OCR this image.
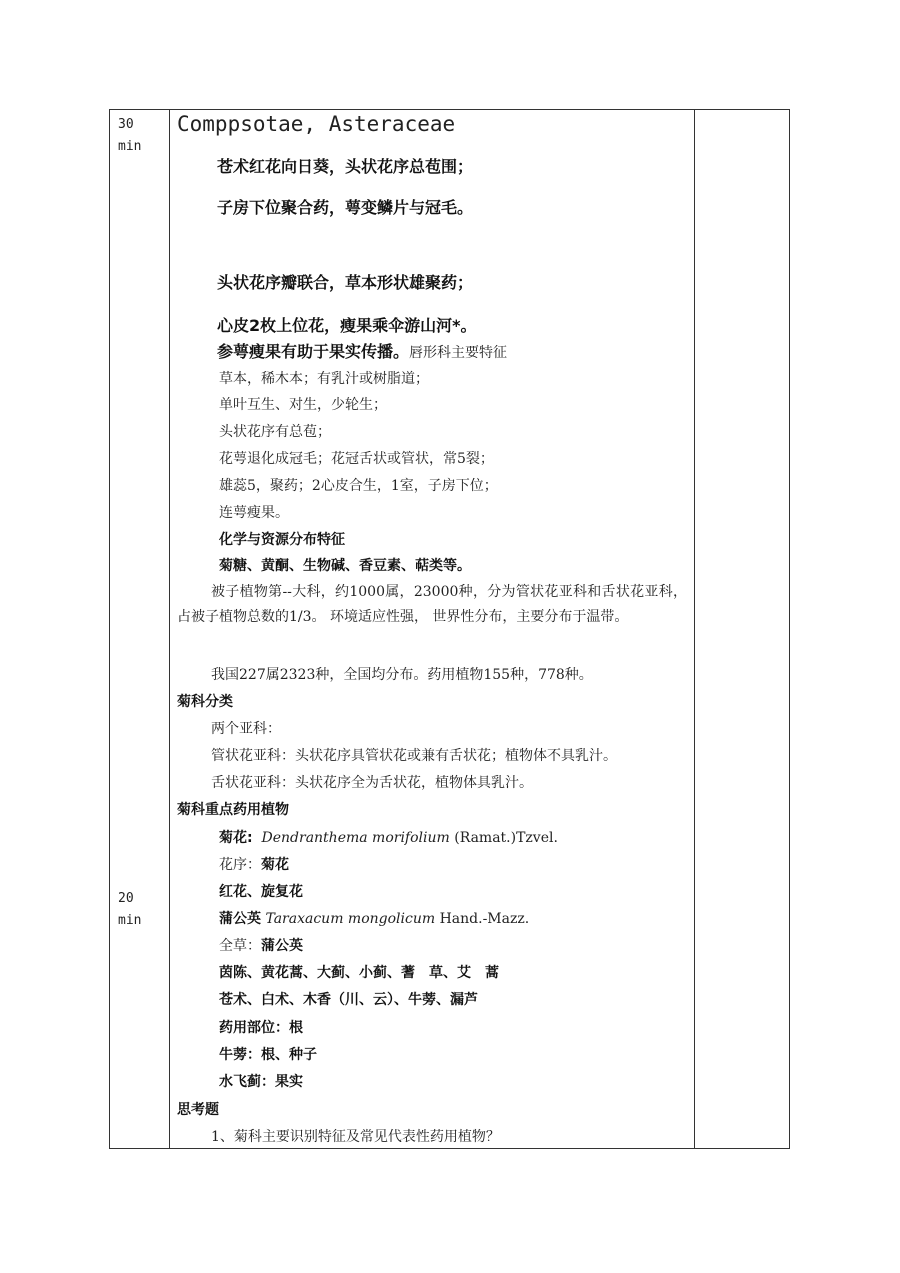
30
min
20
min
Comppsotae, Asteraceae
苍术红花向日葵，头状花序总苞围；
子房下位聚合药，萼变鳞片与冠毛。
头状花序瓣联合，草本形状雄聚药；
心皮2枚上位花，瘦果乘伞游山河*。
参萼瘦果有助于果实传播。唇形科主要特征
草本，稀木本；有乳汁或树脂道；
单叶互生、对生，少轮生；
头状花序有总苞；
花萼退化成冠毛；花冠舌状或管状，常5裂；
雄蕊5，聚药；2心皮合生，1室，子房下位；
连萼瘦果。
化学与资源分布特征
菊糖、黄酮、生物碱、香豆素、萜类等。
被子植物第--大科，约1000属，23000种，分为管状花亚科和舌状花亚科，占被子植物总数的1/3。 环境适应性强， 世界性分布，主要分布于温带。
我国227属2323种，全国均分布。药用植物155种，778种。
菊科分类
两个亚科：
管状花亚科：头状花序具管状花或兼有舌状花；植物体不具乳汁。
舌状花亚科：头状花序全为舌状花，植物体具乳汁。
菊科重点药用植物
菊花: Dendranthema morifolium (Ramat.)Tzvel.
花序：菊花
红花、旋复花
蒲公英 Taraxacum mongolicum Hand.-Mazz.
全草：蒲公英
茵陈、黄花蒿、大蓟、小蓟、蓍　草、艾　蒿
苍术、白术、木香（川、云）、牛蒡、漏芦
药用部位：根
牛蒡：根、种子
水飞蓟：果实
思考题
1、菊科主要识别特征及常见代表性药用植物？
